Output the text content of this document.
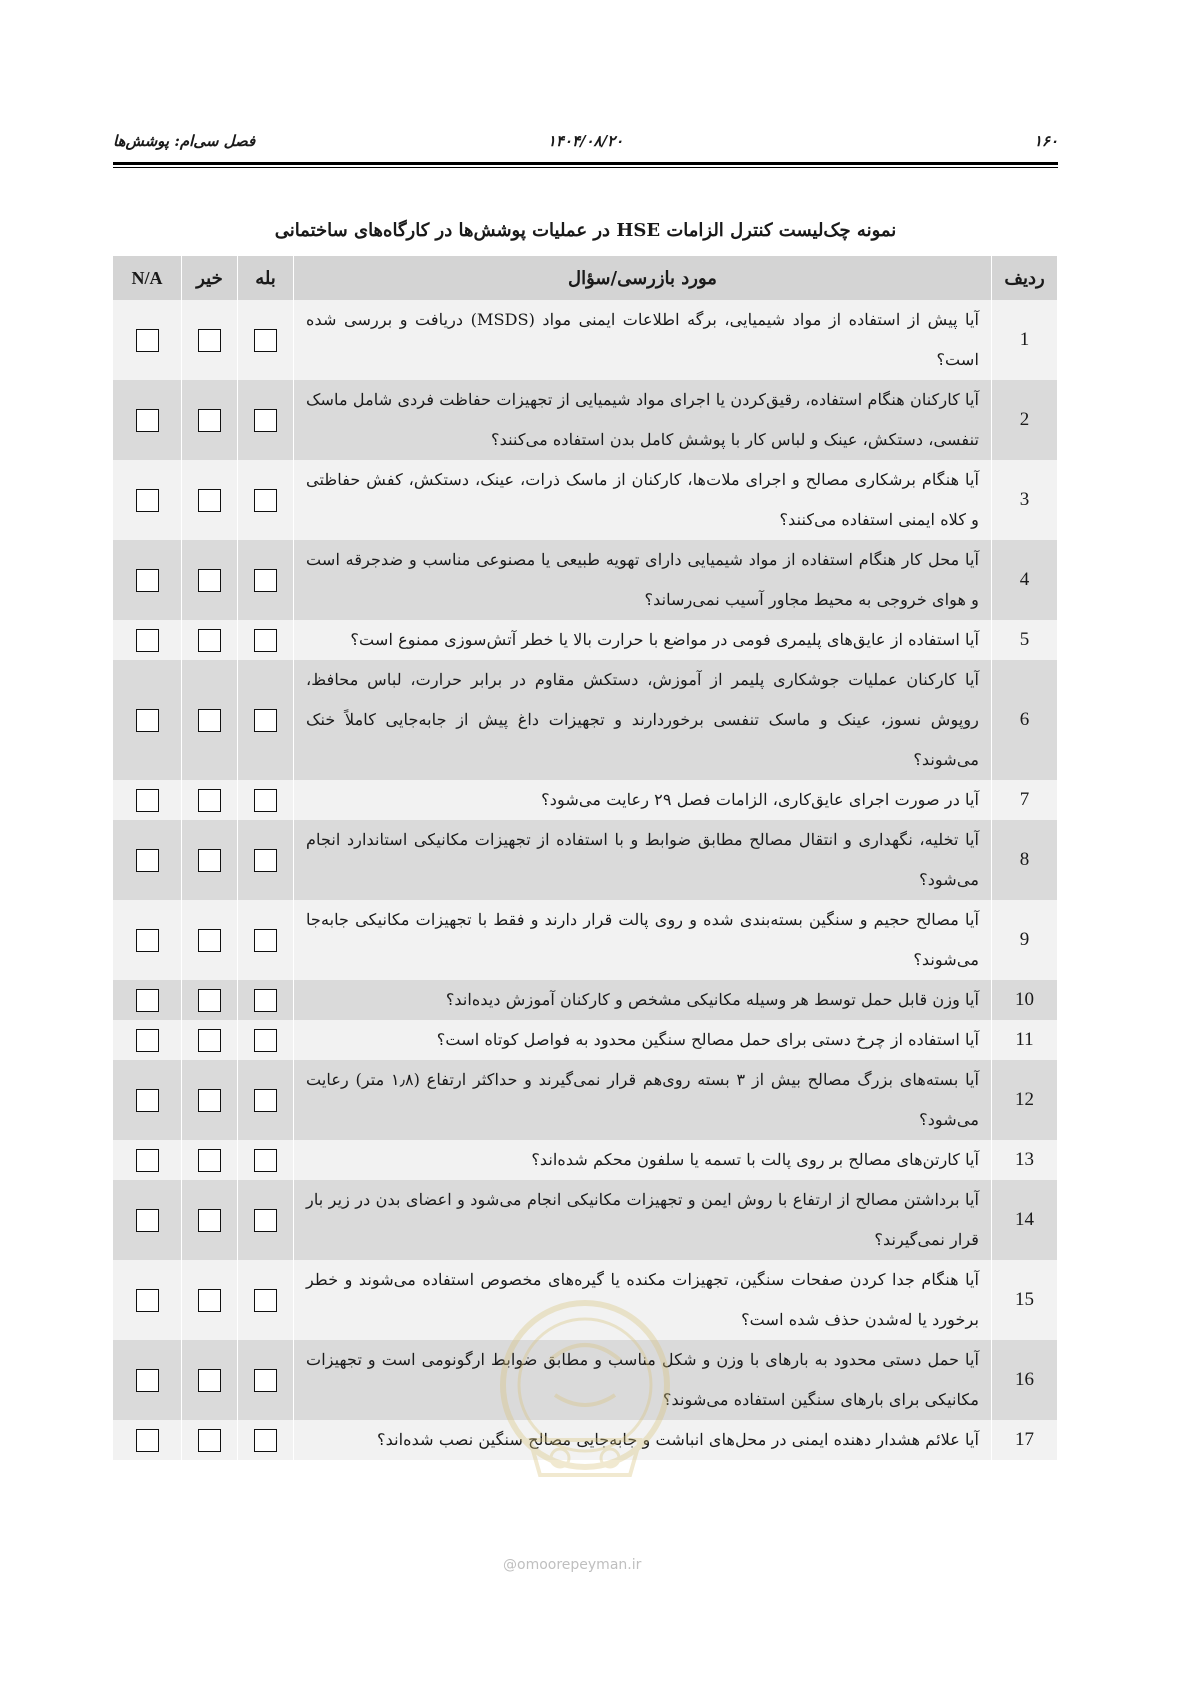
فصل سی‌ام: پوشش‌ها	۱۴۰۴/۰۸/۲۰	۱۶۰
نمونه چک‌لیست کنترل الزامات HSE در عملیات پوشش‌ها در کارگاه‌های ساختمانی
ردیف	مورد بازرسی/سؤال	بله	خیر	N/A
1	آیا پیش از استفاده از مواد شیمیایی، برگه اطلاعات ایمنی مواد (MSDS) دریافت و بررسی شده است؟			
2	آیا کارکنان هنگام استفاده، رقیق‌کردن یا اجرای مواد شیمیایی از تجهیزات حفاظت فردی شامل ماسک تنفسی، دستکش، عینک و لباس کار با پوشش کامل بدن استفاده می‌کنند؟			
3	آیا هنگام برشکاری مصالح و اجرای ملات‌ها، کارکنان از ماسک ذرات، عینک، دستکش، کفش حفاظتی و کلاه ایمنی استفاده می‌کنند؟			
4	آیا محل کار هنگام استفاده از مواد شیمیایی دارای تهویه طبیعی یا مصنوعی مناسب و ضدجرقه است و هوای خروجی به محیط مجاور آسیب نمی‌رساند؟			
5	آیا استفاده از عایق‌های پلیمری فومی در مواضع با حرارت بالا یا خطر آتش‌سوزی ممنوع است؟			
6	آیا کارکنان عملیات جوشکاری پلیمر از آموزش، دستکش مقاوم در برابر حرارت، لباس محافظ، روپوش نسوز، عینک و ماسک تنفسی برخوردارند و تجهیزات داغ پیش از جابه‌جایی کاملاً خنک می‌شوند؟			
7	آیا در صورت اجرای عایق‌کاری، الزامات فصل ۲۹ رعایت می‌شود؟			
8	آیا تخلیه، نگهداری و انتقال مصالح مطابق ضوابط و با استفاده از تجهیزات مکانیکی استاندارد انجام می‌شود؟			
9	آیا مصالح حجیم و سنگین بسته‌بندی شده و روی پالت قرار دارند و فقط با تجهیزات مکانیکی جابه‌جا می‌شوند؟			
10	آیا وزن قابل حمل توسط هر وسیله مکانیکی مشخص و کارکنان آموزش دیده‌اند؟			
11	آیا استفاده از چرخ دستی برای حمل مصالح سنگین محدود به فواصل کوتاه است؟			
12	آیا بسته‌های بزرگ مصالح بیش از ۳ بسته روی‌هم قرار نمی‌گیرند و حداکثر ارتفاع (۱٫۸ متر) رعایت می‌شود؟			
13	آیا کارتن‌های مصالح بر روی پالت با تسمه یا سلفون محکم شده‌اند؟			
14	آیا برداشتن مصالح از ارتفاع با روش ایمن و تجهیزات مکانیکی انجام می‌شود و اعضای بدن در زیر بار قرار نمی‌گیرند؟			
15	آیا هنگام جدا کردن صفحات سنگین، تجهیزات مکنده یا گیره‌های مخصوص استفاده می‌شوند و خطر برخورد یا له‌شدن حذف شده است؟			
16	آیا حمل دستی محدود به بارهای با وزن و شکل مناسب و مطابق ضوابط ارگونومی است و تجهیزات مکانیکی برای بارهای سنگین استفاده می‌شوند؟			
17	آیا علائم هشدار دهنده ایمنی در محل‌های انباشت و جابه‌جایی مصالح سنگین نصب شده‌اند؟			
@omoorepeyman.ir
